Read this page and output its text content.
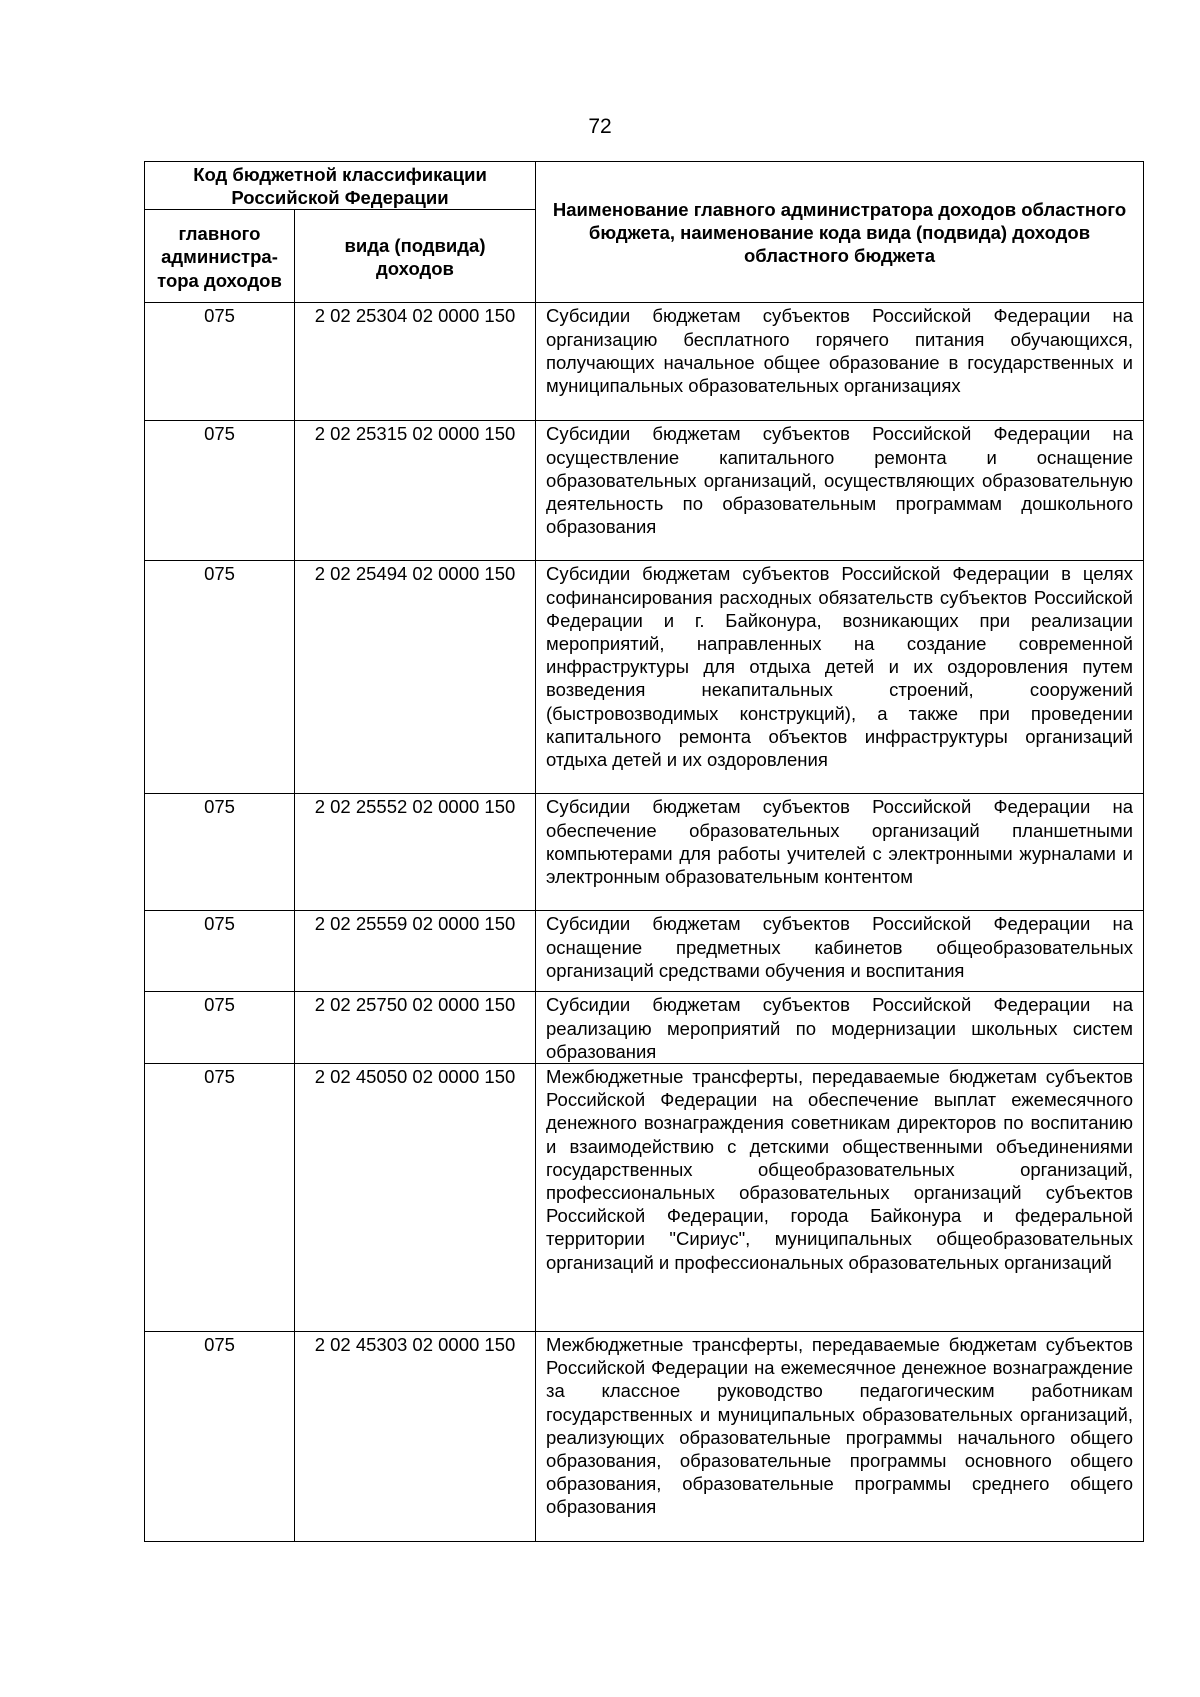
72
Код бюджетной классификации Российской Федерации		Наименование главного администратора доходов областного бюджета, наименование кода вида (подвида) доходов областного бюджета
главного администра-тора доходов	вида (подвида) доходов	
075	2 02 25304 02 0000 150	Субсидии бюджетам субъектов Российской Федерации на организацию бесплатного горячего питания обучающихся, получающих начальное общее образование в государственных и муниципальных образовательных организациях
075	2 02 25315 02 0000 150	Субсидии бюджетам субъектов Российской Федерации на осуществление капитального ремонта и оснащение образовательных организаций, осуществляющих образовательную деятельность по образовательным программам дошкольного образования
075	2 02 25494 02 0000 150	Субсидии бюджетам субъектов Российской Федерации в целях софинансирования расходных обязательств субъектов Российской Федерации и г. Байконура, возникающих при реализации мероприятий, направленных на создание современной инфраструктуры для отдыха детей и их оздоровления путем возведения некапитальных строений, сооружений (быстровозводимых конструкций), а также при проведении капитального ремонта объектов инфраструктуры организаций отдыха детей и их оздоровления
075	2 02 25552 02 0000 150	Субсидии бюджетам субъектов Российской Федерации на обеспечение образовательных организаций планшетными компьютерами для работы учителей с электронными журналами и электронным образовательным контентом
075	2 02 25559 02 0000 150	Субсидии бюджетам субъектов Российской Федерации на оснащение предметных кабинетов общеобразовательных организаций средствами обучения и воспитания
075	2 02 25750 02 0000 150	Субсидии бюджетам субъектов Российской Федерации на реализацию мероприятий по модернизации школьных систем образования
075	2 02 45050 02 0000 150	Межбюджетные трансферты, передаваемые бюджетам субъектов Российской Федерации на обеспечение выплат ежемесячного денежного вознаграждения советникам директоров по воспитанию и взаимодействию с детскими общественными объединениями государственных общеобразовательных организаций, профессиональных образовательных организаций субъектов Российской Федерации, города Байконура и федеральной территории "Сириус", муниципальных общеобразовательных организаций и профессиональных образовательных организаций
075	2 02 45303 02 0000 150	Межбюджетные трансферты, передаваемые бюджетам субъектов Российской Федерации на ежемесячное денежное вознаграждение за классное руководство педагогическим работникам государственных и муниципальных образовательных организаций, реализующих образовательные программы начального общего образования, образовательные программы основного общего образования, образовательные программы среднего общего образования
